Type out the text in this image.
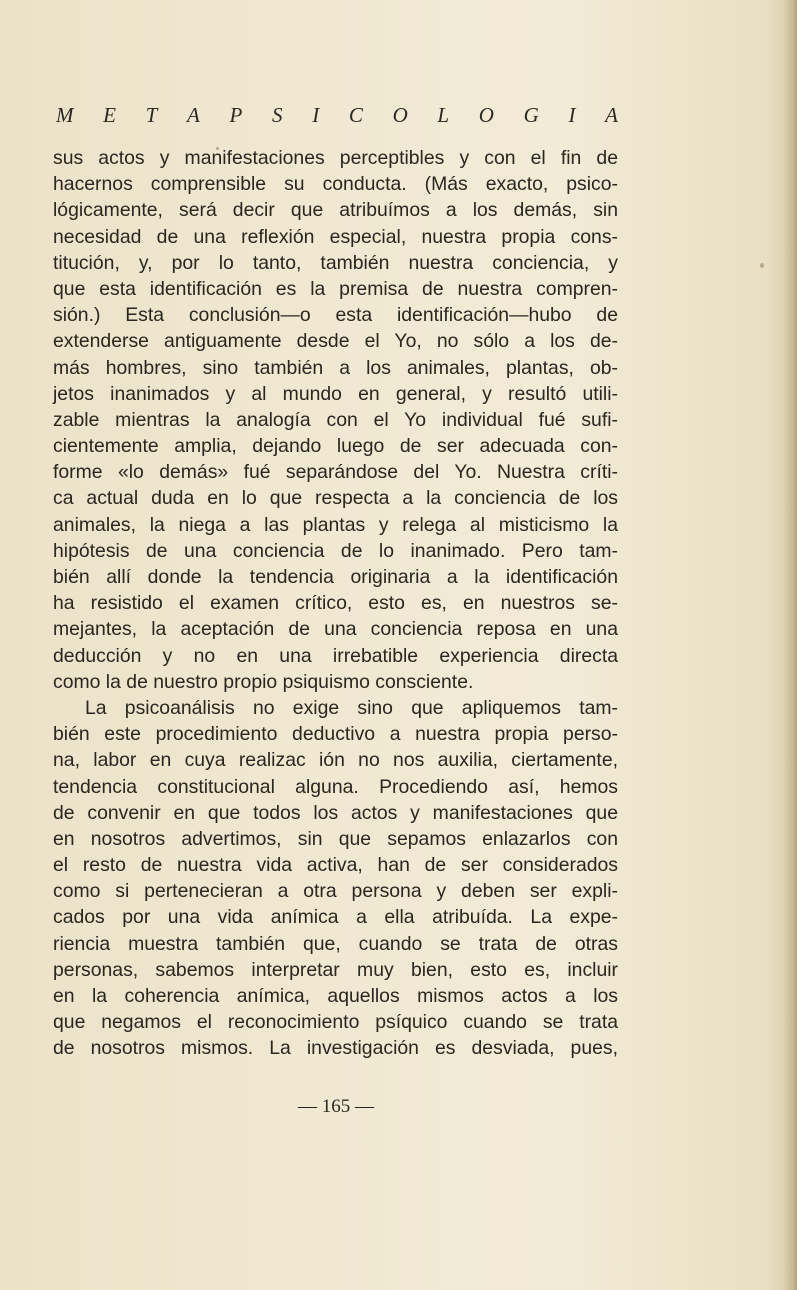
M E T A P S I C O L O G I A
sus actos y manifestaciones perceptibles y con el fin de
hacernos comprensible su conducta. (Más exacto, psico-
lógicamente, será decir que atribuímos a los demás, sin
necesidad de una reflexión especial, nuestra propia cons-
titución, y, por lo tanto, también nuestra conciencia, y
que esta identificación es la premisa de nuestra compren-
sión.) Esta conclusión—o esta identificación—hubo de
extenderse antiguamente desde el Yo, no sólo a los de-
más hombres, sino también a los animales, plantas, ob-
jetos inanimados y al mundo en general, y resultó utili-
zable mientras la analogía con el Yo individual fué sufi-
cientemente amplia, dejando luego de ser adecuada con-
forme «lo demás» fué separándose del Yo. Nuestra críti-
ca actual duda en lo que respecta a la conciencia de los
animales, la niega a las plantas y relega al misticismo la
hipótesis de una conciencia de lo inanimado. Pero tam-
bién allí donde la tendencia originaria a la identificación
ha resistido el examen crítico, esto es, en nuestros se-
mejantes, la aceptación de una conciencia reposa en una
deducción y no en una irrebatible experiencia directa
como la de nuestro propio psiquismo consciente.
La psicoanálisis no exige sino que apliquemos tam-
bién este procedimiento deductivo a nuestra propia perso-
na, labor en cuya realizac ión no nos auxilia, ciertamente,
tendencia constitucional alguna. Procediendo así, hemos
de convenir en que todos los actos y manifestaciones que
en nosotros advertimos, sin que sepamos enlazarlos con
el resto de nuestra vida activa, han de ser considerados
como si pertenecieran a otra persona y deben ser expli-
cados por una vida anímica a ella atribuída. La expe-
riencia muestra también que, cuando se trata de otras
personas, sabemos interpretar muy bien, esto es, incluir
en la coherencia anímica, aquellos mismos actos a los
que negamos el reconocimiento psíquico cuando se trata
de nosotros mismos. La investigación es desviada, pues,
— 165 —
